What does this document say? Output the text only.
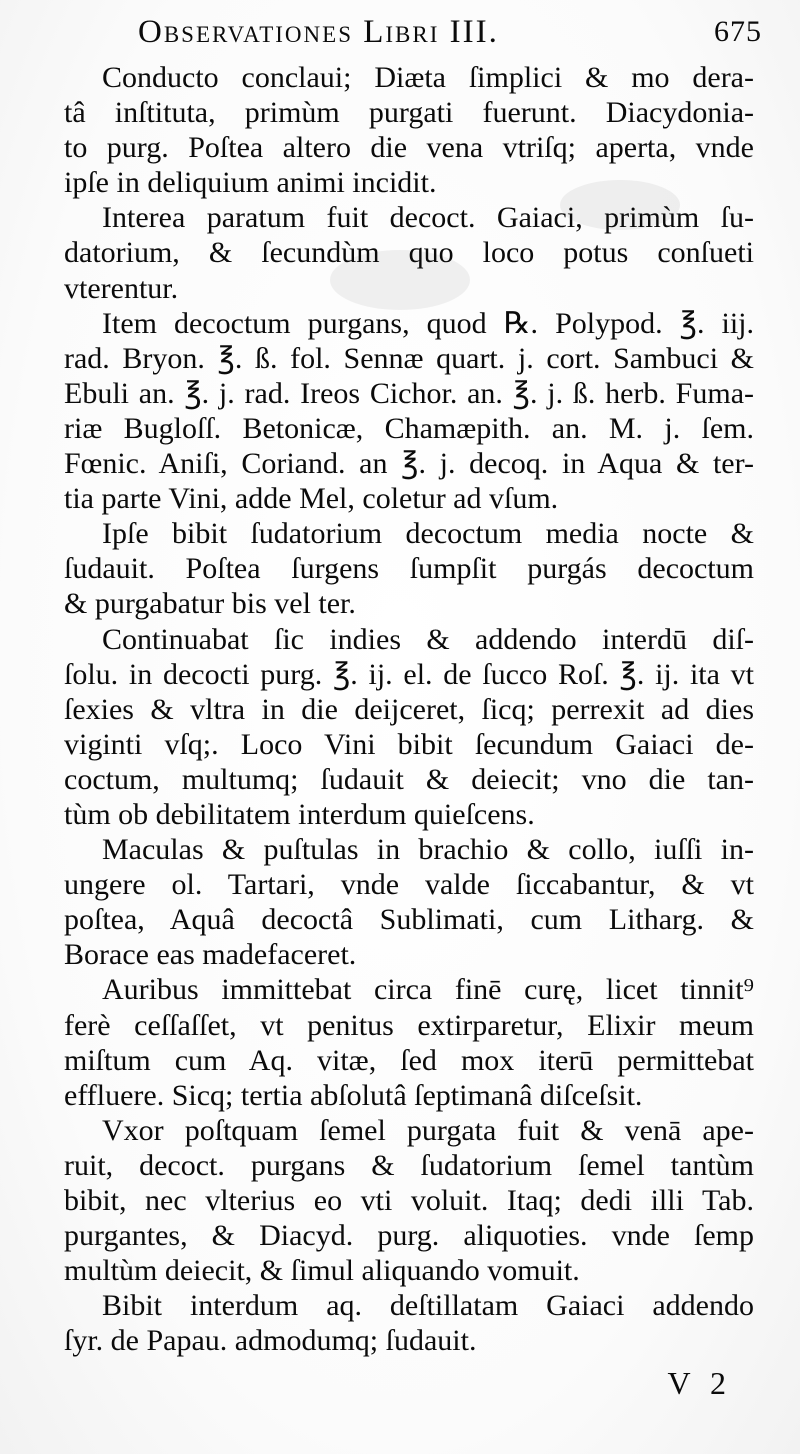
Observationes Libri III.	675
Conducto conclaui; Diæta ſimplici & mo dera-
tâ inſtituta, primùm purgati fuerunt. Diacydonia-
to purg. Poſtea altero die vena vtriſq; aperta, vnde
ipſe in deliquium animi incidit.
Interea paratum fuit decoct. Gaiaci, primùm ſu-
datorium, & ſecundùm quo loco potus conſueti
vterentur.
Item decoctum purgans, quod ℞. Polypod. ℥. iij.
rad. Bryon. ℥. ß. fol. Sennæ quart. j. cort. Sambuci &
Ebuli an. ℥. j. rad. Ireos Cichor. an. ℥. j. ß. herb. Fuma-
riæ Bugloſſ. Betonicæ, Chamæpith. an. M. j. ſem.
Fœnic. Aniſi, Coriand. an ℥. j. decoq. in Aqua & ter-
tia parte Vini, adde Mel, coletur ad vſum.
Ipſe bibit ſudatorium decoctum media nocte &
ſudauit. Poſtea ſurgens ſumpſit purgás decoctum
& purgabatur bis vel ter.
Continuabat ſic indies & addendo interdū diſ-
ſolu. in decocti purg. ℥. ij. el. de ſucco Roſ. ℥. ij. ita vt
ſexies & vltra in die deijceret, ſicq; perrexit ad dies
viginti vſq;. Loco Vini bibit ſecundum Gaiaci de-
coctum, multumq; ſudauit & deiecit; vno die tan-
tùm ob debilitatem interdum quieſcens.
Maculas & puſtulas in brachio & collo, iuſſi in-
ungere ol. Tartari, vnde valde ſiccabantur, & vt
poſtea, Aquâ decoctâ Sublimati, cum Litharg. &
Borace eas madefaceret.
Auribus immittebat circa finē curę, licet tinnit⁹
ferè ceſſaſſet, vt penitus extirparetur, Elixir meum
miſtum cum Aq. vitæ, ſed mox iterū permittebat
effluere. Sicq; tertia abſolutâ ſeptimanâ diſceſsit.
Vxor poſtquam ſemel purgata fuit & venā ape-
ruit, decoct. purgans & ſudatorium ſemel tantùm
bibit, nec vlterius eo vti voluit. Itaq; dedi illi Tab.
purgantes, & Diacyd. purg. aliquoties. vnde ſemp
multùm deiecit, & ſimul aliquando vomuit.
Bibit interdum aq. deſtillatam Gaiaci addendo
ſyr. de Papau. admodumq; ſudauit.
V 2
